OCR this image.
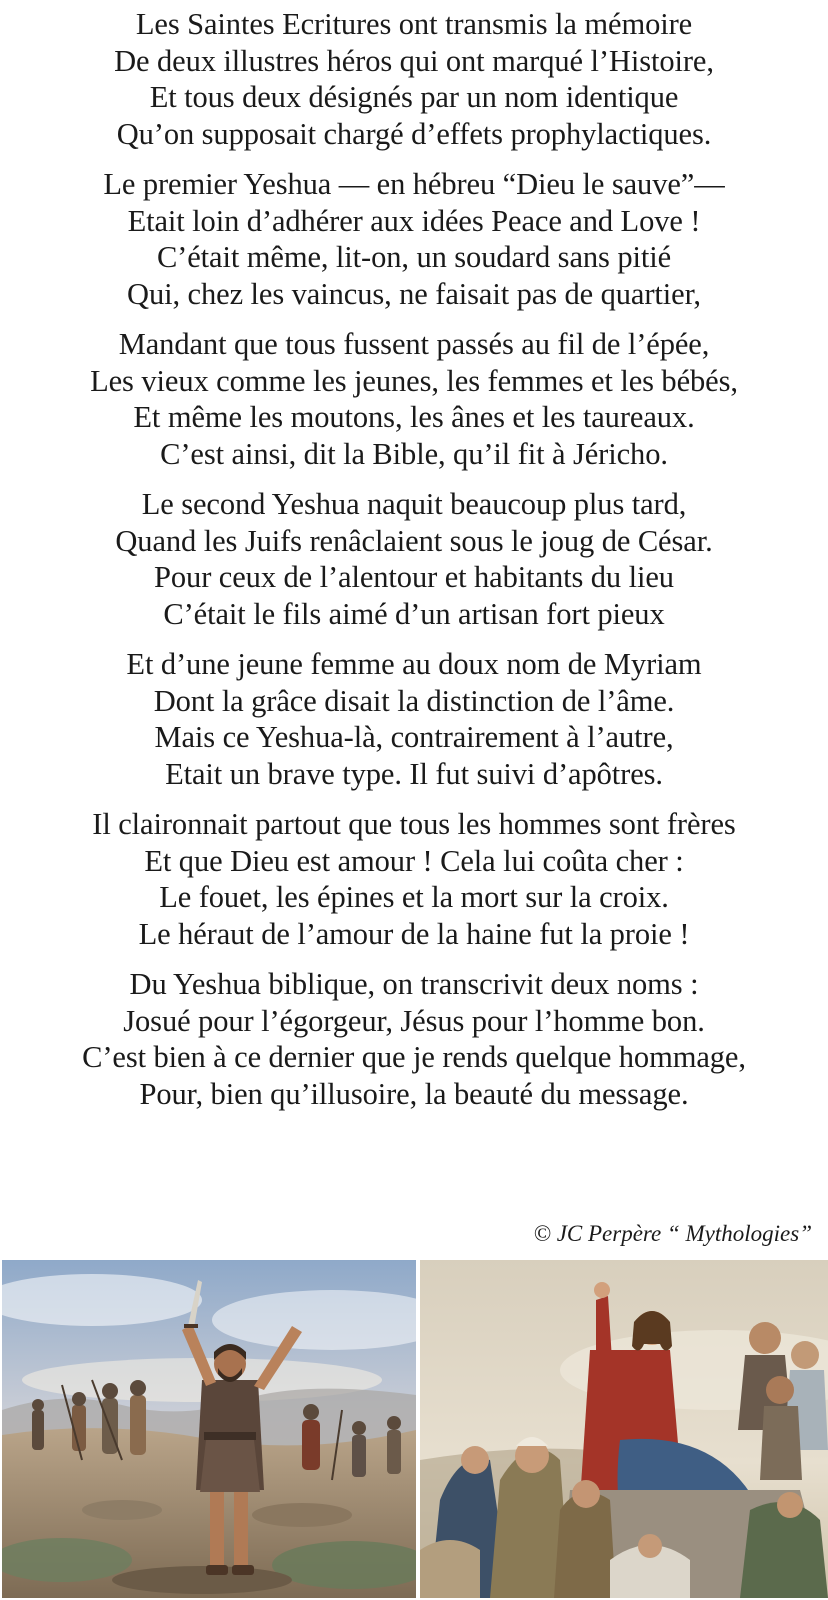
Les Saintes Ecritures ont transmis la mémoire
De deux illustres héros qui ont marqué l’Histoire,
Et tous deux désignés par un nom identique
Qu’on supposait chargé d’effets prophylactiques.
Le premier Yeshua — en hébreu “Dieu le sauve”—
Etait loin d’adhérer aux idées Peace and Love !
C’était même, lit-on, un soudard sans pitié
Qui, chez les vaincus, ne faisait pas de quartier,
Mandant que tous fussent passés au fil de l’épée,
Les vieux comme les jeunes, les femmes et les bébés,
Et même les moutons, les ânes et les taureaux.
C’est ainsi, dit la Bible, qu’il fit à Jéricho.
Le second Yeshua naquit beaucoup plus tard,
Quand les Juifs renâclaient sous le joug de César.
Pour ceux de l’alentour et habitants du lieu
C’était le fils aimé d’un artisan fort pieux
Et d’une jeune femme au doux nom de Myriam
Dont la grâce disait la distinction de l’âme.
Mais ce Yeshua-là, contrairement à l’autre,
Etait un brave type. Il fut suivi d’apôtres.
Il claironnait partout que tous les hommes sont frères
Et que Dieu est amour ! Cela lui coûta cher :
Le fouet, les épines et la mort sur la croix.
Le héraut de l’amour de la haine fut la proie !
Du Yeshua biblique, on transcrivit deux noms :
Josué pour l’égorgeur, Jésus pour l’homme bon.
C’est bien à ce dernier que je rends quelque hommage,
Pour, bien qu’illusoire, la beauté du message.
© JC Perpère “ Mythologies”
